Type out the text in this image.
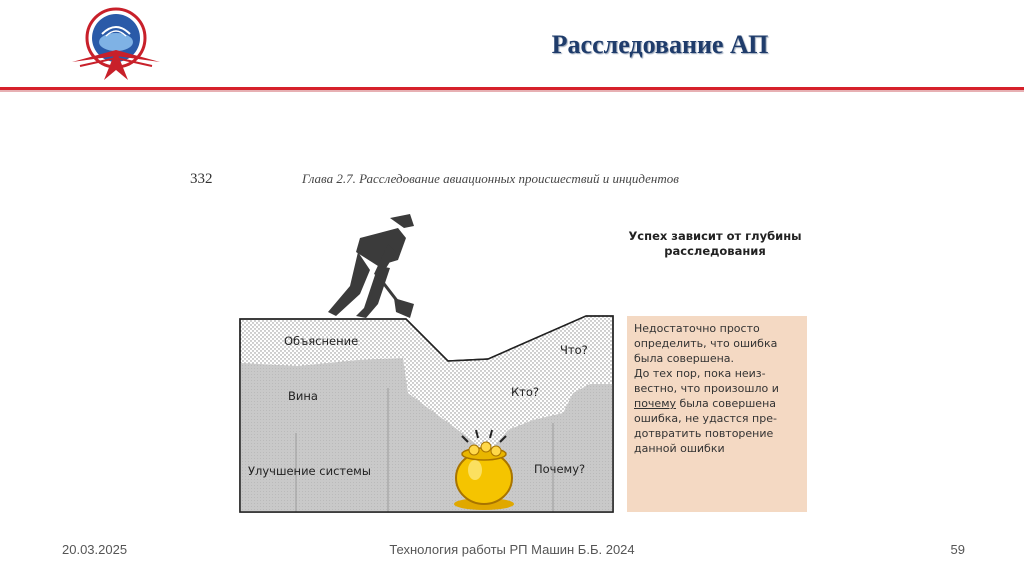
Расследование АП
332	Глава 2.7. Расследование авиационных происшествий и инцидентов
Объяснение
Что?
Вина	Кто?
Улучшение системы	Почему?
Успех зависит от глубины
расследования
Недостаточно просто
определить, что ошибка
была совершена.
До тех пор, пока неиз-
вестно, что произошло и
почему была совершена
ошибка, не удастся пре-
дотвратить повторение
данной ошибки
20.03.2025	Технология работы РП Машин Б.Б. 2024	59
